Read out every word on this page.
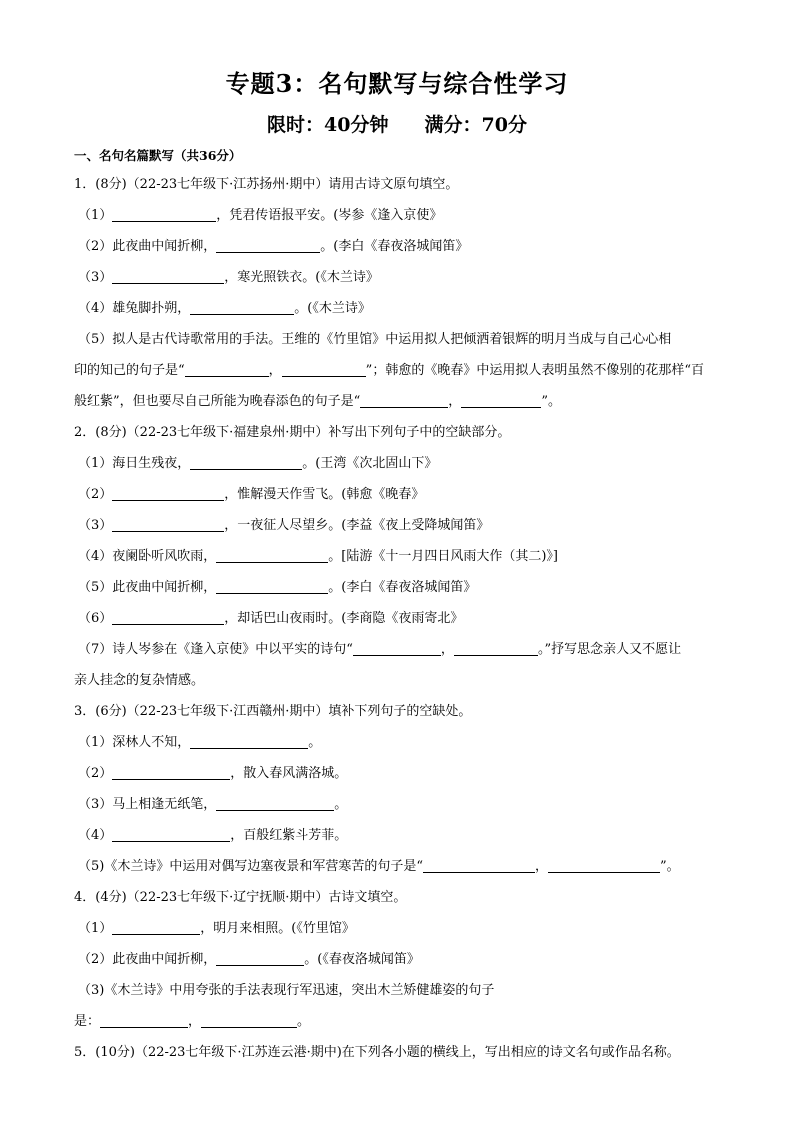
专题3：名句默写与综合性学习
限时：40分钟 满分：70分
一、名句名篇默写（共36分）
1．(8分)（22-23七年级下·江苏扬州·期中）请用古诗文原句填空。
（1）	，凭君传语报平安。(岑参《逢入京使》
（2）此夜曲中闻折柳，	。(李白《春夜洛城闻笛》
（3）	，寒光照铁衣。(《木兰诗》
（4）雄兔脚扑朔，	。(《木兰诗》
（5）拟人是古代诗歌常用的手法。王维的《竹里馆》中运用拟人把倾洒着银辉的明月当成与自己心心相
印的知己的句子是“	，	”；韩愈的《晚春》中运用拟人表明虽然不像别的花那样“百
般红紫”，但也要尽自己所能为晚春添色的句子是“	，	”。
2．(8分)（22-23七年级下·福建泉州·期中）补写出下列句子中的空缺部分。
（1）海日生残夜，	。(王湾《次北固山下》
（2）	，惟解漫天作雪飞。(韩愈《晚春》
（3）	，一夜征人尽望乡。(李益《夜上受降城闻笛》
（4）夜阑卧听风吹雨，	。[陆游《十一月四日风雨大作（其二)》]
（5）此夜曲中闻折柳，	。(李白《春夜洛城闻笛》
（6）	，却话巴山夜雨时。(李商隐《夜雨寄北》
（7）诗人岑参在《逢入京使》中以平实的诗句“	，	。”抒写思念亲人又不愿让
亲人挂念的复杂情感。
3．(6分)（22-23七年级下·江西赣州·期中）填补下列句子的空缺处。
（1）深林人不知，	。
（2）	，散入春风满洛城。
（3）马上相逢无纸笔，	。
（4）	，百般红紫斗芳菲。
（5)《木兰诗》中运用对偶写边塞夜景和军营寒苦的句子是“	，	”。
4．(4分)（22-23七年级下·辽宁抚顺·期中）古诗文填空。
（1）	，明月来相照。(《竹里馆》
（2）此夜曲中闻折柳，	。(《春夜洛城闻笛》
（3)《木兰诗》中用夸张的手法表现行军迅速，突出木兰矫健雄姿的句子
是：	，	。
5．(10分)（22-23七年级下·江苏连云港·期中)在下列各小题的横线上，写出相应的诗文名句或作品名称。
